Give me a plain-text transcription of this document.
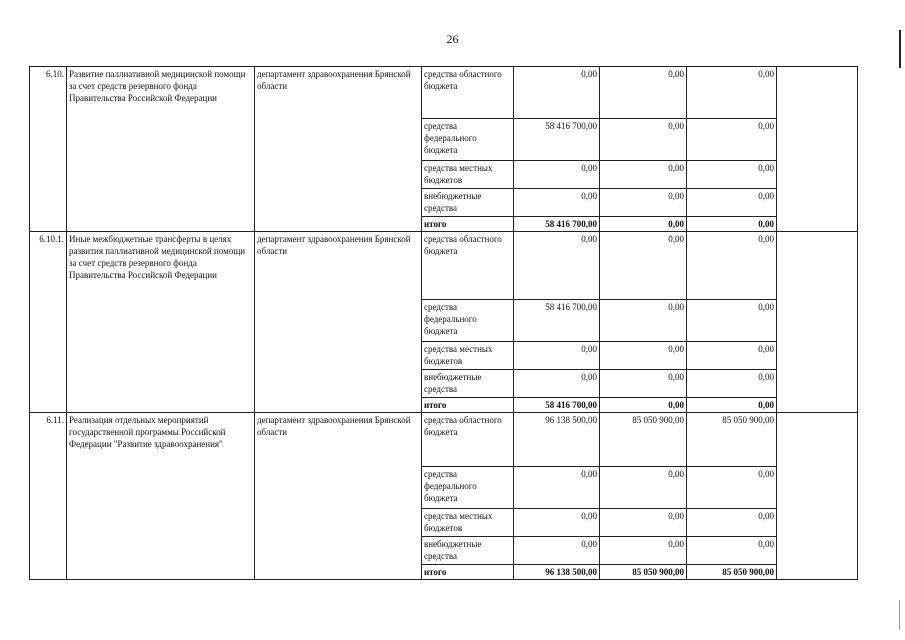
26
6.10.	Развитие паллиативной медицинской помощи за счет средств резервного фонда Правительства Российской Федерации	департамент здравоохранения Брянской области	средства областного бюджета	0,00	0,00	0,00	
			средства федерального бюджета	58 416 700,00	0,00	0,00	
			средства местных бюджетов	0,00	0,00	0,00	
			внебюджетные средства	0,00	0,00	0,00	
			итого	58 416 700,00	0,00	0,00	
6.10.1.	Иные межбюджетные трансферты в целях развития паллиативной медицинской помощи за счет средств резервного фонда Правительства Российской Федерации	департамент здравоохранения Брянской области	средства областного бюджета	0,00	0,00	0,00	
			средства федерального бюджета	58 416 700,00	0,00	0,00	
			средства местных бюджетов	0,00	0,00	0,00	
			внебюджетные средства	0,00	0,00	0,00	
			итого	58 416 700,00	0,00	0,00	
6.11.	Реализация отдельных мероприятий государственной программы Российской Федерации "Развитие здравоохранения"	департамент здравоохранения Брянской области	средства областного бюджета	96 138 500,00	85 050 900,00	85 050 900,00	
			средства федерального бюджета	0,00	0,00	0,00	
			средства местных бюджетов	0,00	0,00	0,00	
			внебюджетные средства	0,00	0,00	0,00	
			итого	96 138 500,00	85 050 900,00	85 050 900,00	
